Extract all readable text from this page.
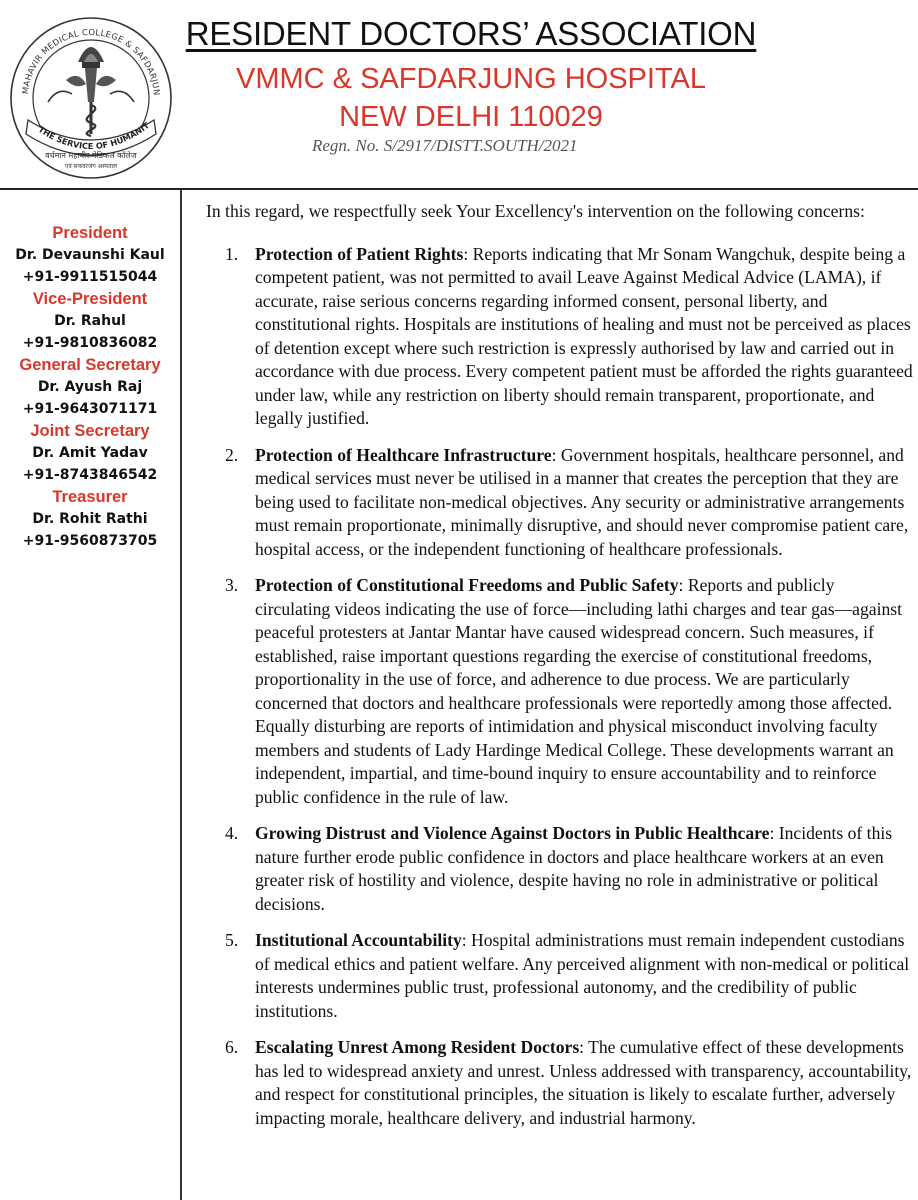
MAHAVIR MEDICAL COLLEGE & SAFDARJUN
THE SERVICE OF HUMANIT
वर्धमान महावीर मेडिकल कॉलेज
एवं सफदरजंग अस्पताल
RESIDENT DOCTORS’ ASSOCIATION
VMMC & SAFDARJUNG HOSPITAL
NEW DELHI 110029
Regn. No. S/2917/DISTT.SOUTH/2021
President
Dr. Devaunshi Kaul
+91-9911515044
Vice-President
Dr. Rahul
+91-9810836082
General Secretary
Dr. Ayush Raj
+91-9643071171
Joint Secretary
Dr. Amit Yadav
+91-8743846542
Treasurer
Dr. Rohit Rathi
+91-9560873705

In this regard, we respectfully seek Your Excellency's intervention on the following concerns:

1. Protection of Patient Rights: Reports indicating that Mr Sonam Wangchuk, despite being a competent patient, was not permitted to avail Leave Against Medical Advice (LAMA), if accurate, raise serious concerns regarding informed consent, personal liberty, and constitutional rights. Hospitals are institutions of healing and must not be perceived as places of detention except where such restriction is expressly authorised by law and carried out in accordance with due process. Every competent patient must be afforded the rights guaranteed under law, while any restriction on liberty should remain transparent, proportionate, and legally justified.
2. Protection of Healthcare Infrastructure: Government hospitals, healthcare personnel, and medical services must never be utilised in a manner that creates the perception that they are being used to facilitate non-medical objectives. Any security or administrative arrangements must remain proportionate, minimally disruptive, and should never compromise patient care, hospital access, or the independent functioning of healthcare professionals.
3. Protection of Constitutional Freedoms and Public Safety: Reports and publicly circulating videos indicating the use of force—including lathi charges and tear gas—against peaceful protesters at Jantar Mantar have caused widespread concern. Such measures, if established, raise important questions regarding the exercise of constitutional freedoms, proportionality in the use of force, and adherence to due process. We are particularly concerned that doctors and healthcare professionals were reportedly among those affected. Equally disturbing are reports of intimidation and physical misconduct involving faculty members and students of Lady Hardinge Medical College. These developments warrant an independent, impartial, and time-bound inquiry to ensure accountability and to reinforce public confidence in the rule of law.
4. Growing Distrust and Violence Against Doctors in Public Healthcare: Incidents of this nature further erode public confidence in doctors and place healthcare workers at an even greater risk of hostility and violence, despite having no role in administrative or political decisions.
5. Institutional Accountability: Hospital administrations must remain independent custodians of medical ethics and patient welfare. Any perceived alignment with non-medical or political interests undermines public trust, professional autonomy, and the credibility of public institutions.
6. Escalating Unrest Among Resident Doctors: The cumulative effect of these developments has led to widespread anxiety and unrest. Unless addressed with transparency, accountability, and respect for constitutional principles, the situation is likely to escalate further, adversely impacting morale, healthcare delivery, and industrial harmony.
